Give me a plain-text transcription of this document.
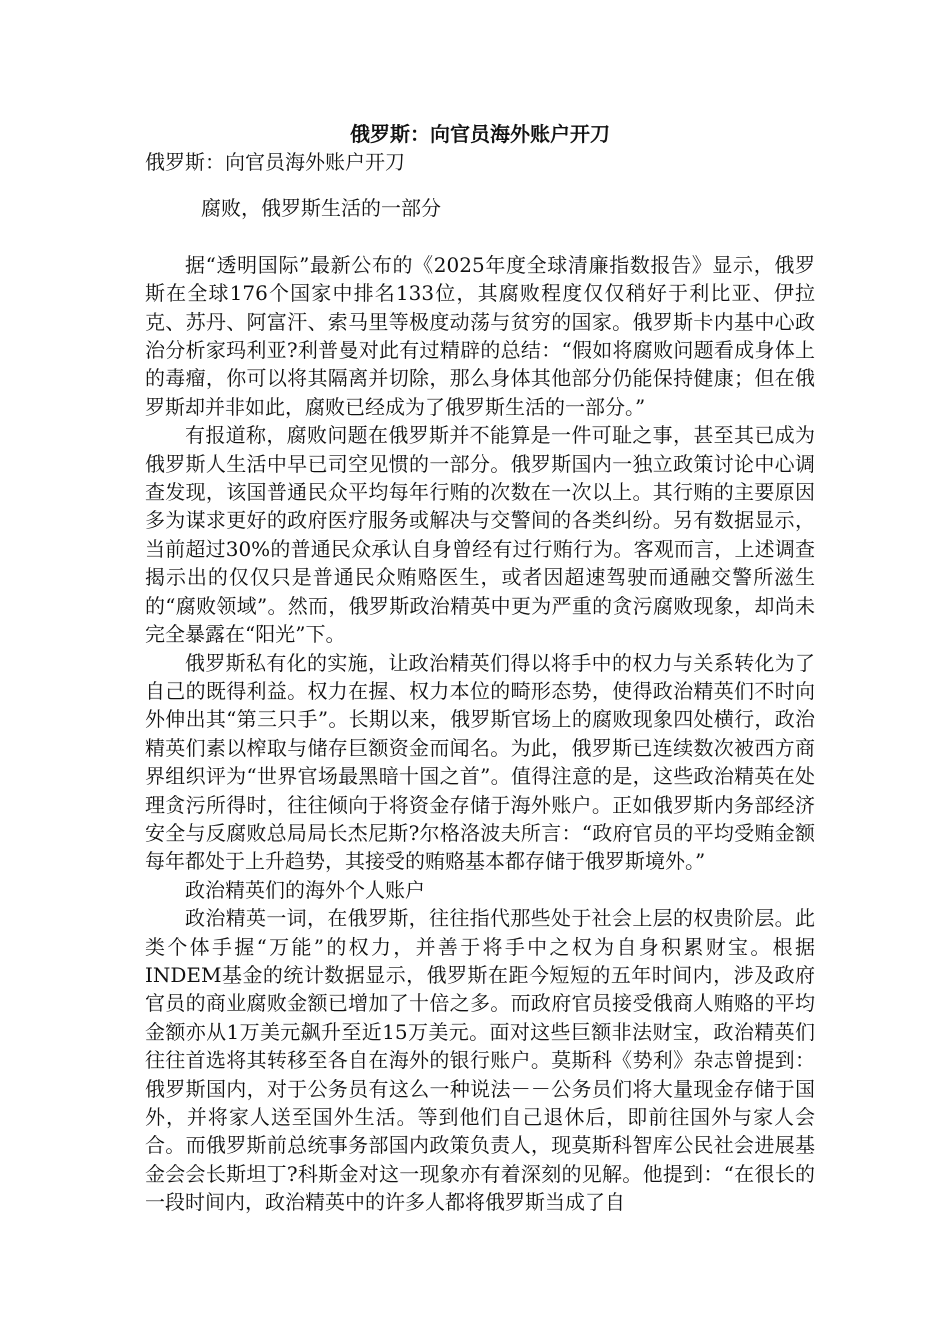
俄罗斯：向官员海外账户开刀

俄罗斯：向官员海外账户开刀

腐败，俄罗斯生活的一部分

据“透明国际”最新公布的《2025年度全球清廉指数报告》显示，俄罗斯在全球176个国家中排名133位，其腐败程度仅仅稍好于利比亚、伊拉克、苏丹、阿富汗、索马里等极度动荡与贫穷的国家。俄罗斯卡内基中心政治分析家玛利亚?利普曼对此有过精辟的总结：“假如将腐败问题看成身体上的毒瘤，你可以将其隔离并切除，那么身体其他部分仍能保持健康；但在俄罗斯却并非如此，腐败已经成为了俄罗斯生活的一部分。”

有报道称，腐败问题在俄罗斯并不能算是一件可耻之事，甚至其已成为俄罗斯人生活中早已司空见惯的一部分。俄罗斯国内一独立政策讨论中心调查发现，该国普通民众平均每年行贿的次数在一次以上。其行贿的主要原因多为谋求更好的政府医疗服务或解决与交警间的各类纠纷。另有数据显示，当前超过30%的普通民众承认自身曾经有过行贿行为。客观而言，上述调查揭示出的仅仅只是普通民众贿赂医生，或者因超速驾驶而通融交警所滋生的“腐败领域”。然而，俄罗斯政治精英中更为严重的贪污腐败现象，却尚未完全暴露在“阳光”下。

俄罗斯私有化的实施，让政治精英们得以将手中的权力与关系转化为了自己的既得利益。权力在握、权力本位的畸形态势，使得政治精英们不时向外伸出其“第三只手”。长期以来，俄罗斯官场上的腐败现象四处横行，政治精英们素以榨取与储存巨额资金而闻名。为此，俄罗斯已连续数次被西方商界组织评为“世界官场最黑暗十国之首”。值得注意的是，这些政治精英在处理贪污所得时，往往倾向于将资金存储于海外账户。正如俄罗斯内务部经济安全与反腐败总局局长杰尼斯?尔格洛波夫所言：“政府官员的平均受贿金额每年都处于上升趋势，其接受的贿赂基本都存储于俄罗斯境外。”

政治精英们的海外个人账户

政治精英一词，在俄罗斯，往往指代那些处于社会上层的权贵阶层。此类个体手握“万能”的权力，并善于将手中之权为自身积累财宝。根据INDEM基金的统计数据显示，俄罗斯在距今短短的五年时间内，涉及政府官员的商业腐败金额已增加了十倍之多。而政府官员接受俄商人贿赂的平均金额亦从1万美元飙升至近15万美元。面对这些巨额非法财宝，政治精英们往往首选将其转移至各自在海外的银行账户。莫斯科《势利》杂志曾提到：俄罗斯国内，对于公务员有这么一种说法－－公务员们将大量现金存储于国外，并将家人送至国外生活。等到他们自己退休后，即前往国外与家人会合。而俄罗斯前总统事务部国内政策负责人，现莫斯科智库公民社会进展基金会会长斯坦丁?科斯金对这一现象亦有着深刻的见解。他提到：“在很长的一段时间内，政治精英中的许多人都将俄罗斯当成了自
